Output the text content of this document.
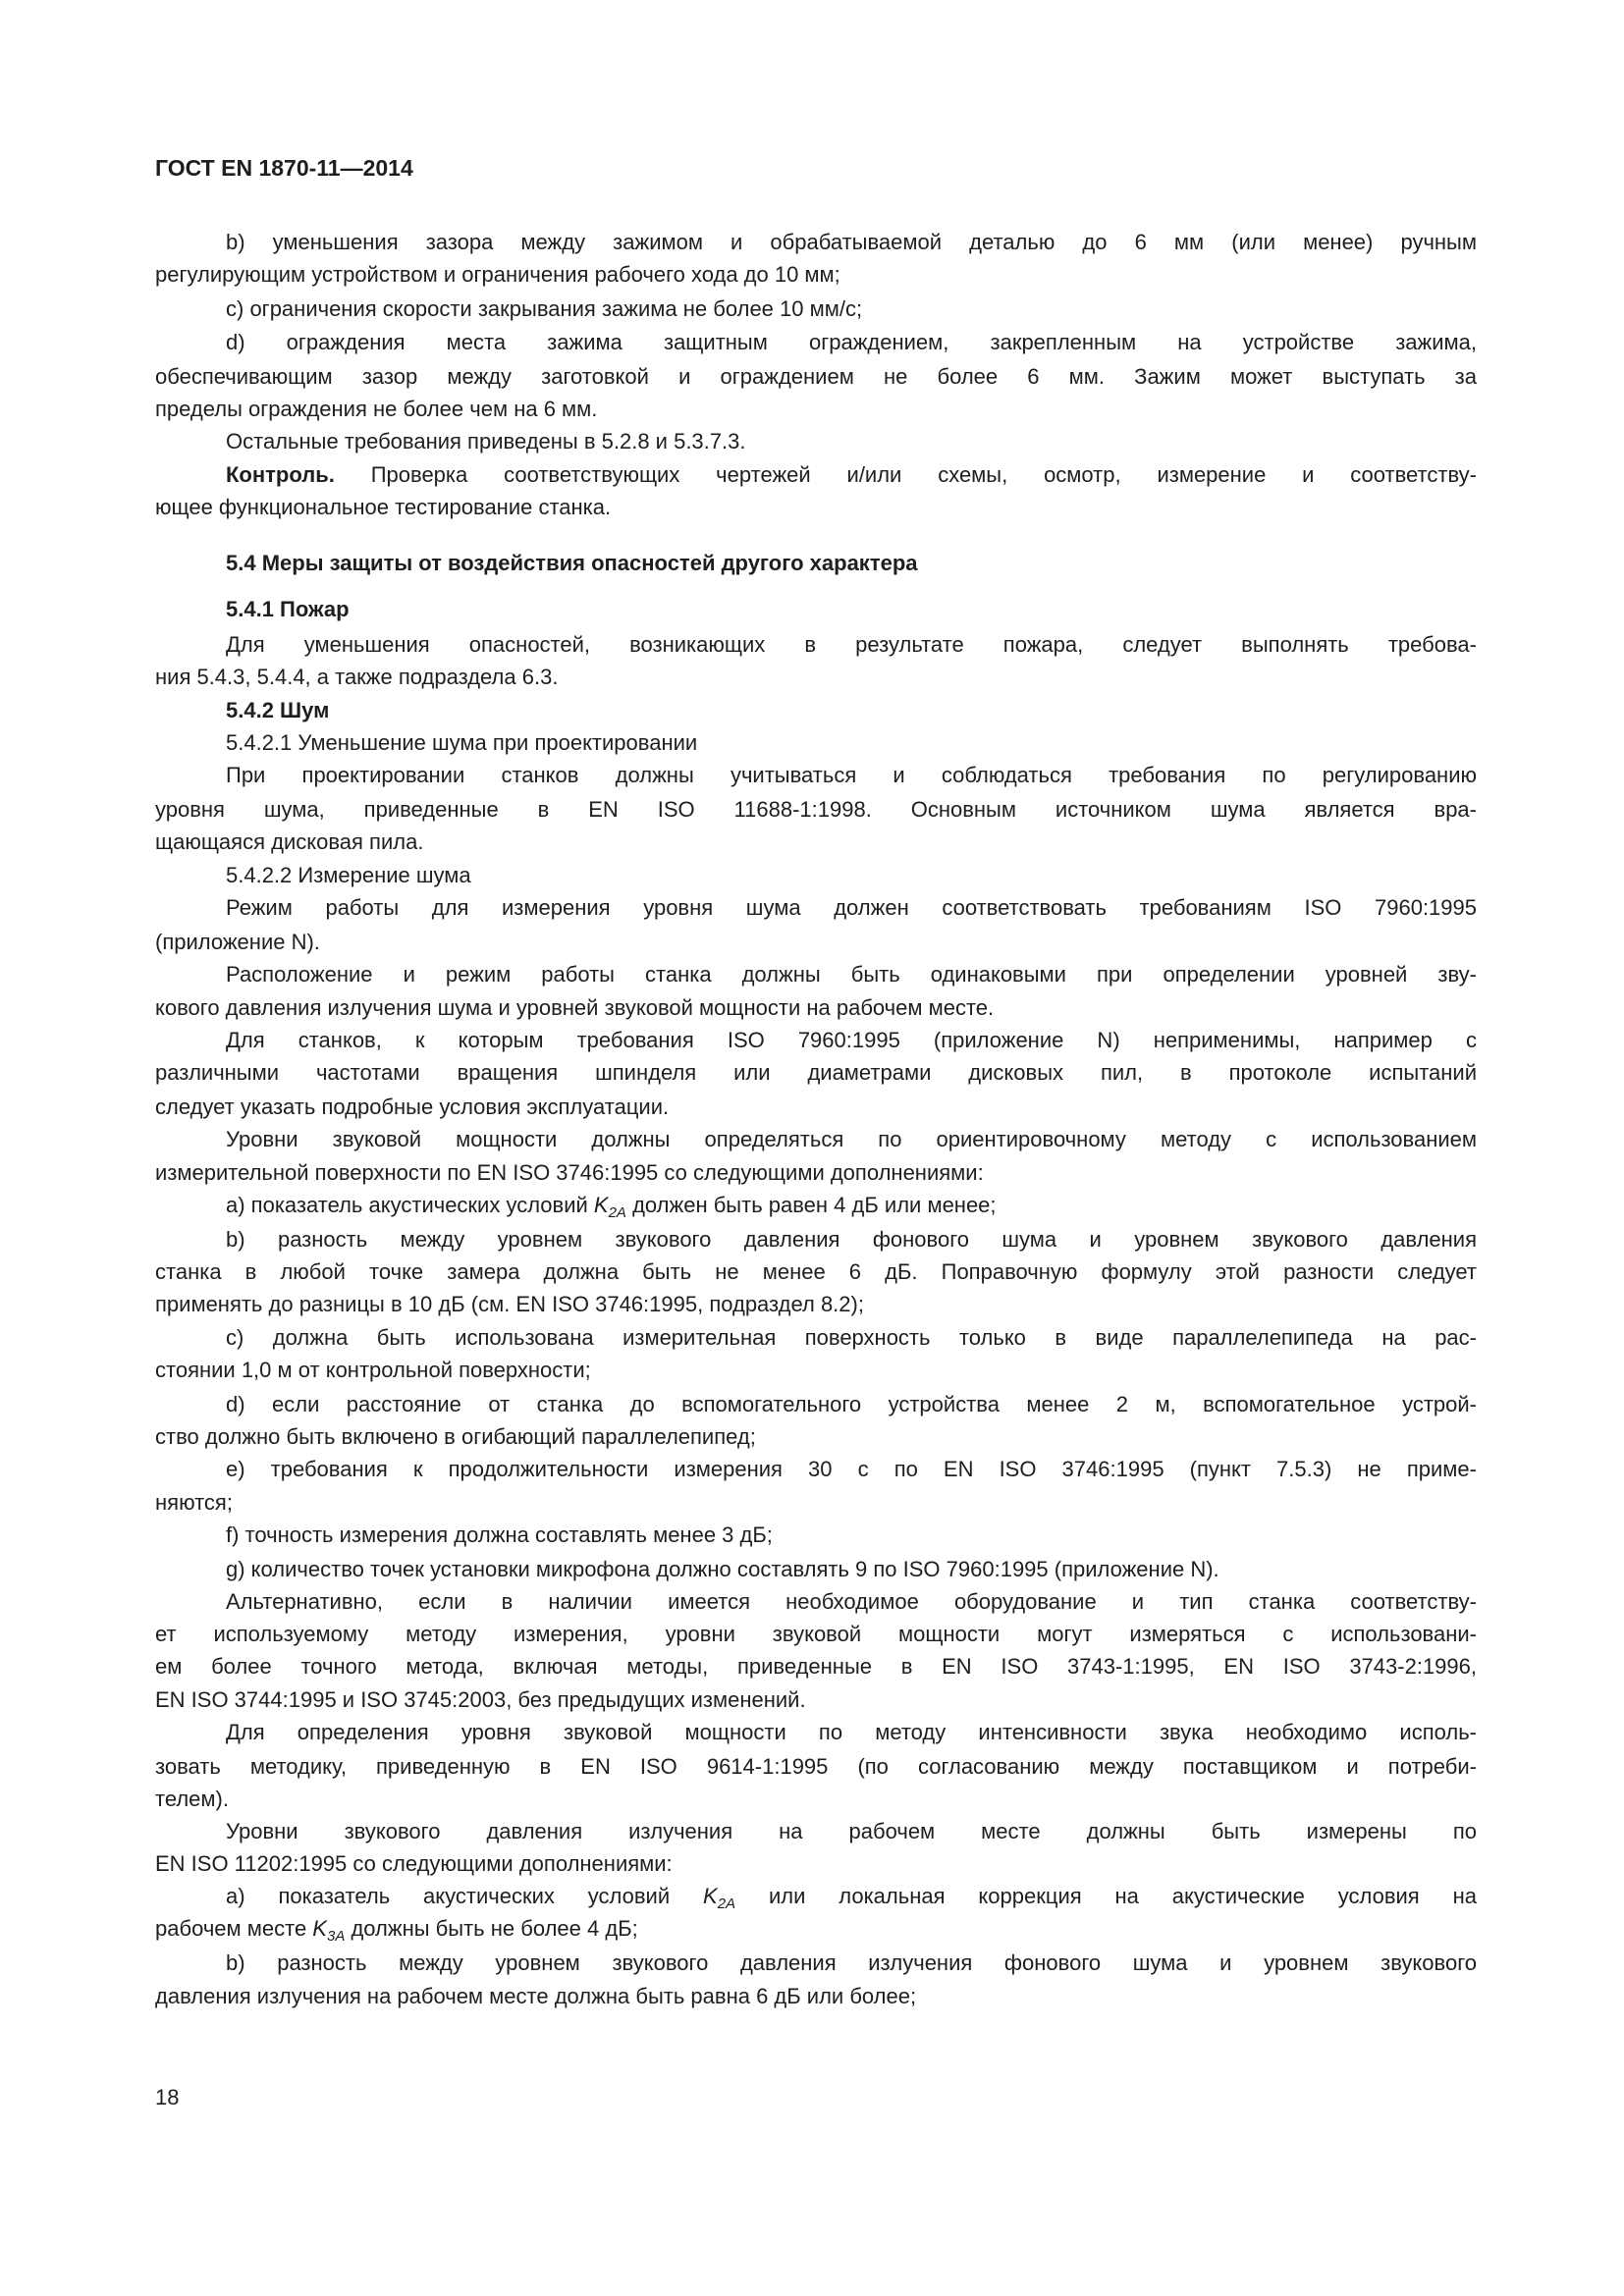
ГОСТ EN 1870-11—2014
b) уменьшения зазора между зажимом и обрабатываемой деталью до 6 мм (или менее) ручным
регулирующим устройством и ограничения рабочего хода до 10 мм;
c) ограничения скорости закрывания зажима не более 10 мм/с;
d) ограждения места зажима защитным ограждением, закрепленным на устройстве зажима,
обеспечивающим зазор между заготовкой и ограждением не более 6 мм. Зажим может выступать за
пределы ограждения не более чем на 6 мм.
Остальные требования приведены в 5.2.8 и 5.3.7.3.
Контроль. Проверка соответствующих чертежей и/или схемы, осмотр, измерение и соответству-
ющее функциональное тестирование станка.
5.4 Меры защиты от воздействия опасностей другого характера
5.4.1 Пожар
Для уменьшения опасностей, возникающих в результате пожара, следует выполнять требова-
ния 5.4.3, 5.4.4, а также подраздела 6.3.
5.4.2 Шум
5.4.2.1 Уменьшение шума при проектировании
При проектировании станков должны учитываться и соблюдаться требования по регулированию
уровня шума, приведенные в EN ISO 11688-1:1998. Основным источником шума является вра-
щающаяся дисковая пила.
5.4.2.2 Измерение шума
Режим работы для измерения уровня шума должен соответствовать требованиям ISO 7960:1995
(приложение N).
Расположение и режим работы станка должны быть одинаковыми при определении уровней зву-
кового давления излучения шума и уровней звуковой мощности на рабочем месте.
Для станков, к которым требования ISO 7960:1995 (приложение N) неприменимы, например с
различными частотами вращения шпинделя или диаметрами дисковых пил, в протоколе испытаний
следует указать подробные условия эксплуатации.
Уровни звуковой мощности должны определяться по ориентировочному методу с использованием
измерительной поверхности по EN ISO 3746:1995 со следующими дополнениями:
a) показатель акустических условий $K_{2A}$ должен быть равен 4 дБ или менее;
b) разность между уровнем звукового давления фонового шума и уровнем звукового давления
станка в любой точке замера должна быть не менее 6 дБ. Поправочную формулу этой разности следует
применять до разницы в 10 дБ (см. EN ISO 3746:1995, подраздел 8.2);
c) должна быть использована измерительная поверхность только в виде параллелепипеда на рас-
стоянии 1,0 м от контрольной поверхности;
d) если расстояние от станка до вспомогательного устройства менее 2 м, вспомогательное устрой-
ство должно быть включено в огибающий параллелепипед;
e) требования к продолжительности измерения 30 с по EN ISO 3746:1995 (пункт 7.5.3) не приме-
няются;
f) точность измерения должна составлять менее 3 дБ;
g) количество точек установки микрофона должно составлять 9 по ISO 7960:1995 (приложение N).
Альтернативно, если в наличии имеется необходимое оборудование и тип станка соответству-
ет используемому методу измерения, уровни звуковой мощности могут измеряться с использовани-
ем более точного метода, включая методы, приведенные в EN ISO 3743-1:1995, EN ISO 3743-2:1996,
EN ISO 3744:1995 и ISO 3745:2003, без предыдущих изменений.
Для определения уровня звуковой мощности по методу интенсивности звука необходимо исполь-
зовать методику, приведенную в EN ISO 9614-1:1995 (по согласованию между поставщиком и потреби-
телем).
Уровни звукового давления излучения на рабочем месте должны быть измерены по
EN ISO 11202:1995 со следующими дополнениями:
a) показатель акустических условий $K_{2A}$ или локальная коррекция на акустические условия на
рабочем месте $K_{3A}$ должны быть не более 4 дБ;
b) разность между уровнем звукового давления излучения фонового шума и уровнем звукового
давления излучения на рабочем месте должна быть равна 6 дБ или более;
18
